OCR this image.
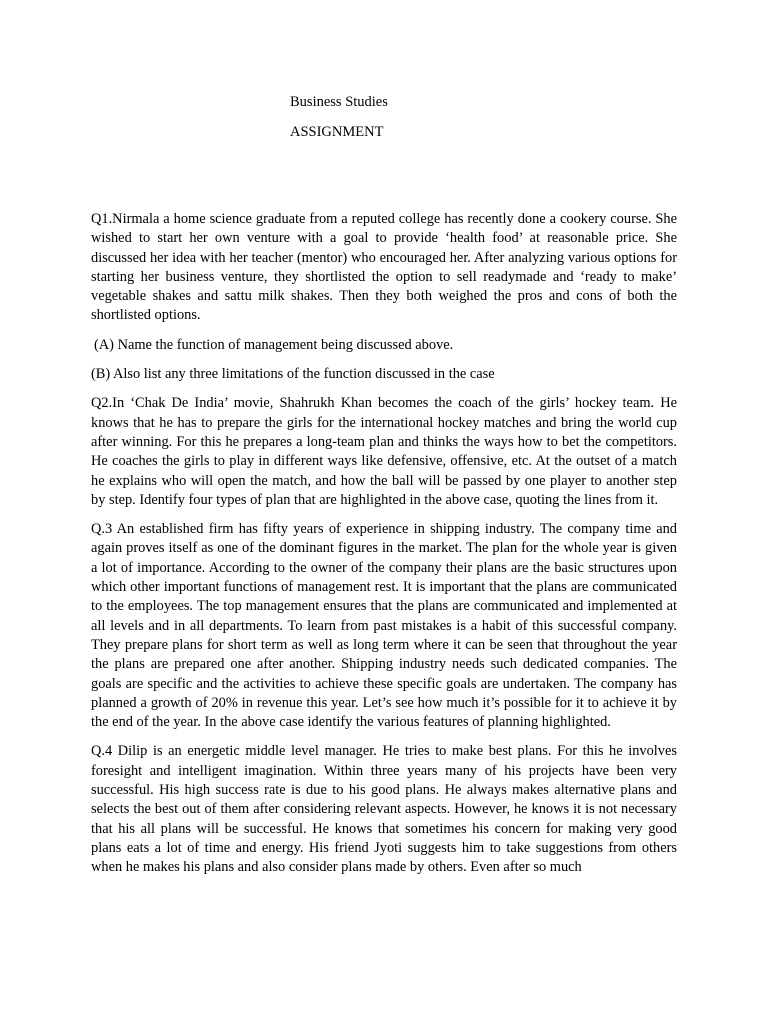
Business Studies
ASSIGNMENT

Q1.Nirmala a home science graduate from a reputed college has recently done a cookery course. She wished to start her own venture with a goal to provide ‘health food’ at reasonable price. She discussed her idea with her teacher (mentor) who encouraged her. After analyzing various options for starting her business venture, they shortlisted the option to sell readymade and ‘ready to make’ vegetable shakes and sattu milk shakes. Then they both weighed the pros and cons of both the shortlisted options.

(A) Name the function of management being discussed above.

(B) Also list any three limitations of the function discussed in the case

Q2.In ‘Chak De India’ movie, Shahrukh Khan becomes the coach of the girls’ hockey team. He knows that he has to prepare the girls for the international hockey matches and bring the world cup after winning. For this he prepares a long-team plan and thinks the ways how to bet the competitors. He coaches the girls to play in different ways like defensive, offensive, etc. At the outset of a match he explains who will open the match, and how the ball will be passed by one player to another step by step. Identify four types of plan that are highlighted in the above case, quoting the lines from it.

Q.3 An established firm has fifty years of experience in shipping industry. The company time and again proves itself as one of the dominant figures in the market. The plan for the whole year is given a lot of importance. According to the owner of the company their plans are the basic structures upon which other important functions of management rest. It is important that the plans are communicated to the employees. The top management ensures that the plans are communicated and implemented at all levels and in all departments. To learn from past mistakes is a habit of this successful company. They prepare plans for short term as well as long term where it can be seen that throughout the year the plans are prepared one after another. Shipping industry needs such dedicated companies. The goals are specific and the activities to achieve these specific goals are undertaken. The company has planned a growth of 20% in revenue this year. Let’s see how much it’s possible for it to achieve it by the end of the year. In the above case identify the various features of planning highlighted.

Q.4 Dilip is an energetic middle level manager. He tries to make best plans. For this he involves foresight and intelligent imagination. Within three years many of his projects have been very successful. His high success rate is due to his good plans. He always makes alternative plans and selects the best out of them after considering relevant aspects. However, he knows it is not necessary that his all plans will be successful. He knows that sometimes his concern for making very good plans eats a lot of time and energy. His friend Jyoti suggests him to take suggestions from others when he makes his plans and also consider plans made by others. Even after so much
